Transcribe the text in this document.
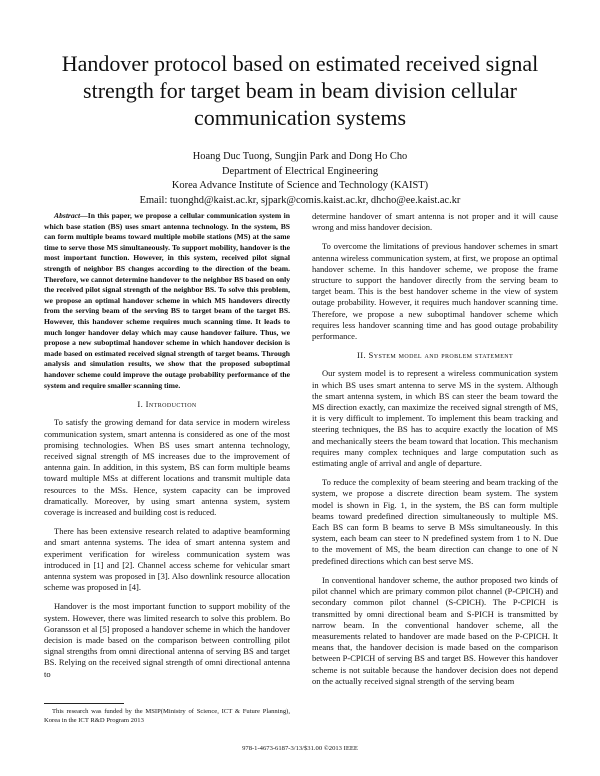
Handover protocol based on estimated received signal strength for target beam in beam division cellular communication systems
Hoang Duc Tuong, Sungjin Park and Dong Ho Cho
Department of Electrical Engineering
Korea Advance Institute of Science and Technology (KAIST)
Email: tuonghd@kaist.ac.kr, sjpark@comis.kaist.ac.kr, dhcho@ee.kaist.ac.kr

Abstract—In this paper, we propose a cellular communication system in which base station (BS) uses smart antenna technology. In the system, BS can form multiple beams toward multiple mobile stations (MS) at the same time to serve those MS simultaneously. To support mobility, handover is the most important function. However, in this system, received pilot signal strength of neighbor BS changes according to the direction of the beam. Therefore, we cannot determine handover to the neighbor BS based on only the received pilot signal strength of the neighbor BS. To solve this problem, we propose an optimal handover scheme in which MS handovers directly from the serving beam of the serving BS to target beam of the target BS. However, this handover scheme requires much scanning time. It leads to much longer handover delay which may cause handover failure. Thus, we propose a new suboptimal handover scheme in which handover decision is made based on estimated received signal strength of target beams. Through analysis and simulation results, we show that the proposed suboptimal handover scheme could improve the outage probability performance of the system and require smaller scanning time.

I. Introduction

To satisfy the growing demand for data service in modern wireless communication system, smart antenna is considered as one of the most promising technologies. When BS uses smart antenna technology, received signal strength of MS increases due to the improvement of antenna gain. In addition, in this system, BS can form multiple beams toward multiple MSs at different locations and transmit multiple data resources to the MSs. Hence, system capacity can be improved dramatically. Moreover, by using smart antenna system, system coverage is increased and building cost is reduced.

There has been extensive research related to adaptive beamforming and smart antenna systems. The idea of smart antenna system and experiment verification for wireless communication system was introduced in [1] and [2]. Channel access scheme for vehicular smart antenna system was proposed in [3]. Also downlink resource allocation scheme was proposed in [4].

Handover is the most important function to support mobility of the system. However, there was limited research to solve this problem. Bo Goransson et al [5] proposed a handover scheme in which the handover decision is made based on the comparison between controlling pilot signal strengths from omni directional antenna of serving BS and target BS. Relying on the received signal strength of omni directional antenna to

determine handover of smart antenna is not proper and it will cause wrong and miss handover decision.

To overcome the limitations of previous handover schemes in smart antenna wireless communication system, at first, we propose an optimal handover scheme. In this handover scheme, we propose the frame structure to support the handover directly from the serving beam to target beam. This is the best handover scheme in the view of system outage probability. However, it requires much handover scanning time. Therefore, we propose a new suboptimal handover scheme which requires less handover scanning time and has good outage probability performance.

II. System model and problem statement

Our system model is to represent a wireless communication system in which BS uses smart antenna to serve MS in the system. Although the smart antenna system, in which BS can steer the beam toward the MS direction exactly, can maximize the received signal strength of MS, it is very difficult to implement. To implement this beam tracking and steering techniques, the BS has to acquire exactly the location of MS and mechanically steers the beam toward that location. This mechanism requires many complex techniques and large computation such as estimating angle of arrival and angle of departure.

To reduce the complexity of beam steering and beam tracking of the system, we propose a discrete direction beam system. The system model is shown in Fig. 1, in the system, the BS can form multiple beams toward predefined direction simultaneously to multiple MS. Each BS can form B beams to serve B MSs simultaneously. In this system, each beam can steer to N predefined system from 1 to N. Due to the movement of MS, the beam direction can change to one of N predefined directions which can best serve MS.

In conventional handover scheme, the author proposed two kinds of pilot channel which are primary common pilot channel (P-CPICH) and secondary common pilot channel (S-CPICH). The P-CPICH is transmitted by omni directional beam and S-PICH is transmitted by narrow beam. In the conventional handover scheme, all the measurements related to handover are made based on the P-CPICH. It means that, the handover decision is made based on the comparison between P-CPICH of serving BS and target BS. However this handover scheme is not suitable because the handover decision does not depend on the actually received signal strength of the serving beam

This research was funded by the MSIP(Ministry of Science, ICT & Future Planning), Korea in the ICT R&D Program 2013
978-1-4673-6187-3/13/$31.00 ©2013 IEEE
